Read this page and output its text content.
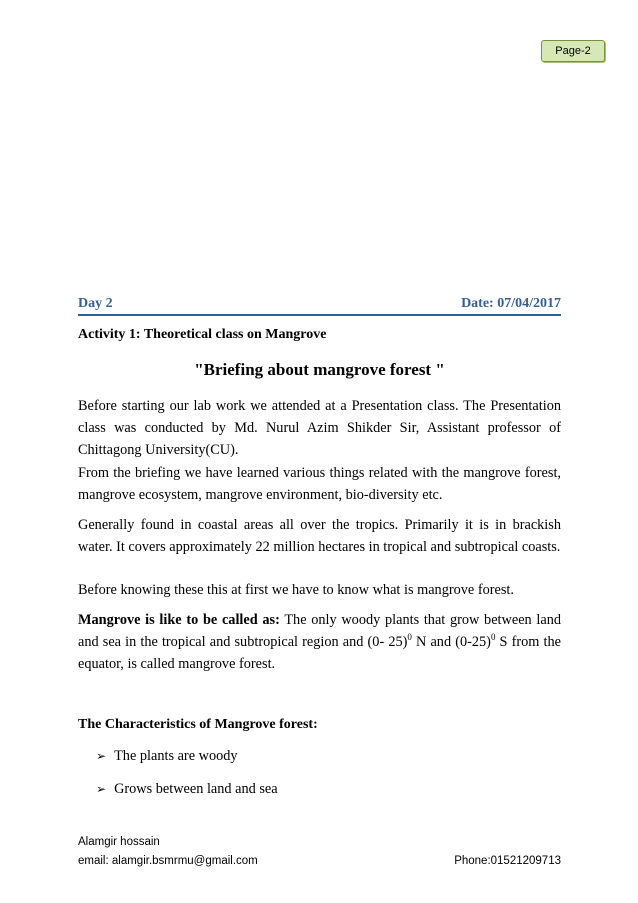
Page-2
Day 2	Date: 07/04/2017
Activity 1: Theoretical class on Mangrove
"Briefing about mangrove forest "
Before starting our lab work we attended at a Presentation class. The Presentation class was conducted by Md. Nurul Azim Shikder Sir, Assistant professor of Chittagong University(CU).
From the briefing we have learned various things related with the mangrove forest, mangrove ecosystem, mangrove environment, bio-diversity etc.
Generally found in coastal areas all over the tropics. Primarily it is in brackish water. It covers approximately 22 million hectares in tropical and subtropical coasts.
Before knowing these this at first we have to know what is mangrove forest.
Mangrove is like to be called as: The only woody plants that grow between land and sea in the tropical and subtropical region and (0- 25)$^0$ N and $(0-25)^0$ S from the equator, is called mangrove forest.
The Characteristics of Mangrove forest:
➢ The plants are woody
➢ Grows between land and sea
Alamgir hossain
email: alamgir.bsmrmu@gmail.com	Phone:01521209713
